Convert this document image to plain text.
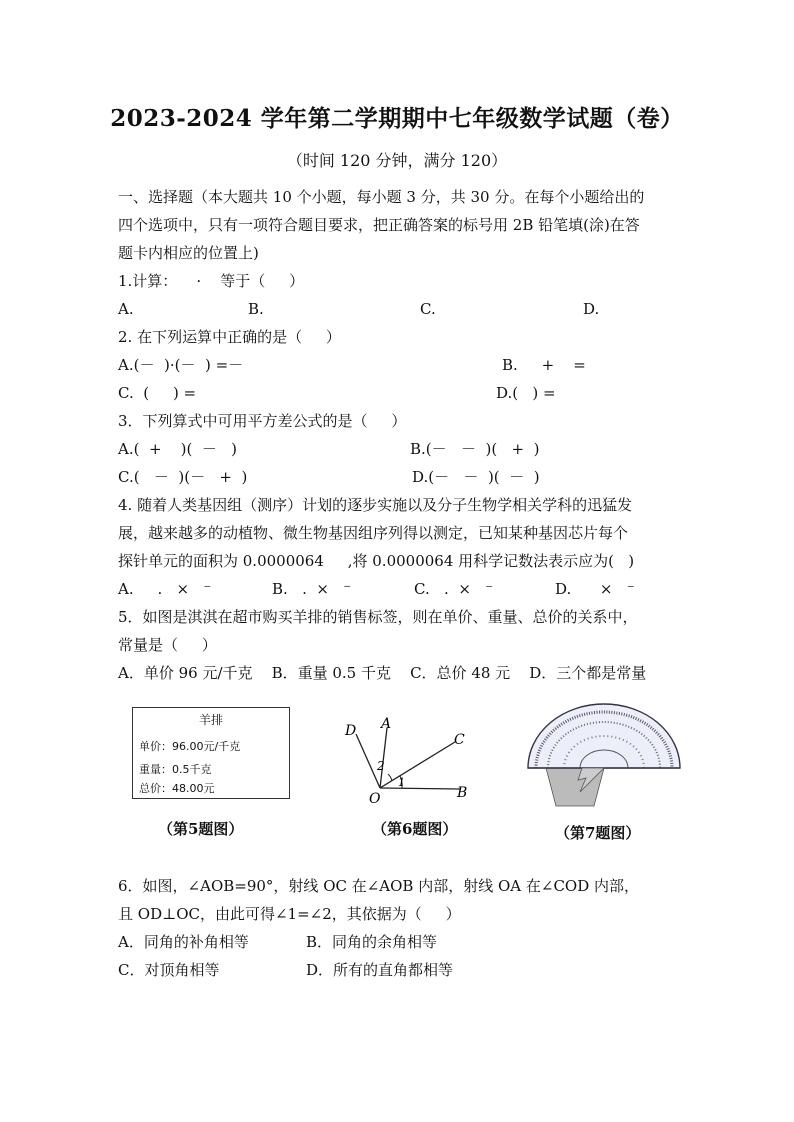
2023-2024 学年第二学期期中七年级数学试题（卷）
（时间 120 分钟，满分 120）
一、选择题（本大题共 10 个小题，每小题 3 分，共 30 分。在每个小题给出的
四个选项中，只有一项符合题目要求，把正确答案的标号用 2B 铅笔填(涂)在答
题卡内相应的位置上)
1.计算：    ·    等于（     ）
A.	B.	C.	D.
2. 在下列运算中正确的是（     ）
A.(－  )·(－  ) =－	B.     +    =
C.  (     ) =	D.(   ) =
3．下列算式中可用平方差公式的是（     ）
A.(  +    )(  －   )	B.(－   －  )(   +  )
C.(   －  )(－   +  )	D.(－   －  )(  －  )
4. 随着人类基因组（测序）计划的逐步实施以及分子生物学相关学科的迅猛发
展，越来越多的动植物、微生物基因组序列得以测定，已知某种基因芯片每个
探针单元的面积为 0.0000064     ,将 0.0000064 用科学记数法表示应为(   )
A.     .   ×   ⁻	B.   .  ×   ⁻	C.   .  ×   ⁻	D.      ×   ⁻
5．如图是淇淇在超市购买羊排的销售标签，则在单价、重量、总价的关系中，
常量是（     ）
A．单价 96 元/千克    B．重量 0.5 千克    C．总价 48 元    D．三个都是常量
羊排
单价：96.00元/千克
重量：0.5千克
总价：48.00元
D A
C
O	B
1
2
（第5题图）	（第6题图）	（第7题图）
6．如图，∠AOB=90°，射线 OC 在∠AOB 内部，射线 OA 在∠COD 内部，
且 OD⊥OC，由此可得∠1=∠2，其依据为（     ）
A．同角的补角相等	B．同角的余角相等
C．对顶角相等	D．所有的直角都相等
